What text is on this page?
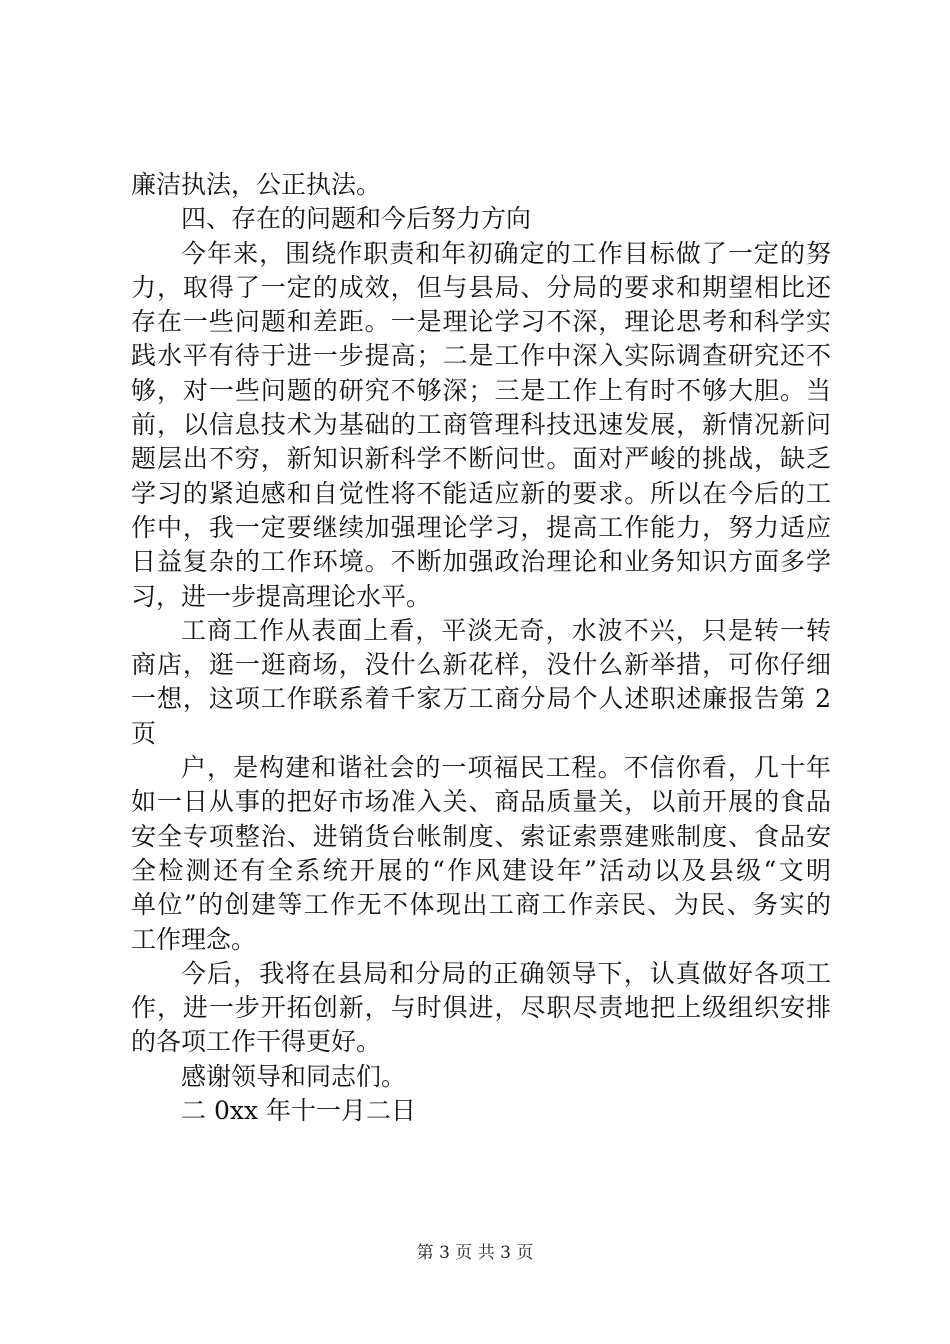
廉洁执法，公正执法。
四、存在的问题和今后努力方向
今年来，围绕作职责和年初确定的工作目标做了一定的努
力，取得了一定的成效，但与县局、分局的要求和期望相比还
存在一些问题和差距。一是理论学习不深，理论思考和科学实
践水平有待于进一步提高；二是工作中深入实际调查研究还不
够，对一些问题的研究不够深；三是工作上有时不够大胆。当
前，以信息技术为基础的工商管理科技迅速发展，新情况新问
题层出不穷，新知识新科学不断问世。面对严峻的挑战，缺乏
学习的紧迫感和自觉性将不能适应新的要求。所以在今后的工
作中，我一定要继续加强理论学习，提高工作能力，努力适应
日益复杂的工作环境。不断加强政治理论和业务知识方面多学
习，进一步提高理论水平。
工商工作从表面上看，平淡无奇，水波不兴，只是转一转
商店，逛一逛商场，没什么新花样，没什么新举措，可你仔细
一想，这项工作联系着千家万工商分局个人述职述廉报告第 2
页
户，是构建和谐社会的一项福民工程。不信你看，几十年
如一日从事的把好市场准入关、商品质量关，以前开展的食品
安全专项整治、进销货台帐制度、索证索票建账制度、食品安
全检测还有全系统开展的“作风建设年”活动以及县级“文明
单位”的创建等工作无不体现出工商工作亲民、为民、务实的
工作理念。
今后，我将在县局和分局的正确领导下，认真做好各项工
作，进一步开拓创新，与时俱进，尽职尽责地把上级组织安排
的各项工作干得更好。
感谢领导和同志们。
二 0xx 年十一月二日
第 3 页 共 3 页
